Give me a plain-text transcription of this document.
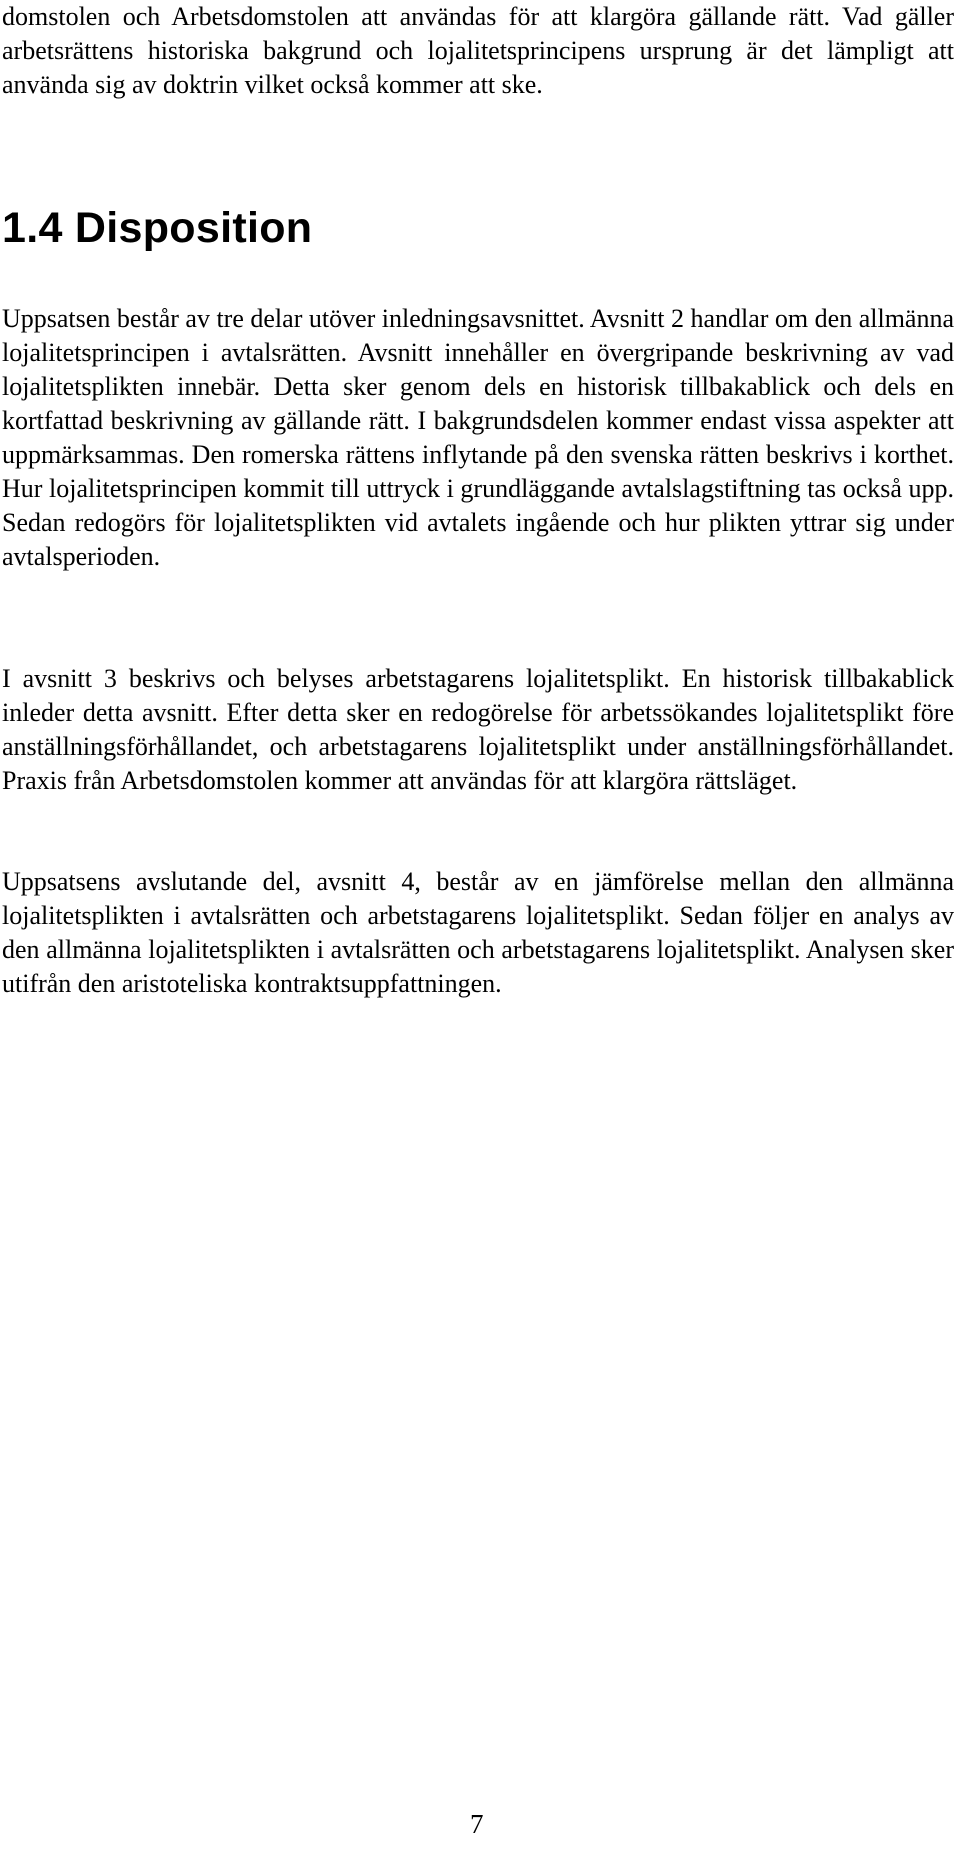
domstolen och Arbetsdomstolen att användas för att klargöra gällande rätt. Vad gäller arbetsrättens historiska bakgrund och lojalitetsprincipens ursprung är det lämpligt att använda sig av doktrin vilket också kommer att ske.

1.4 Disposition

Uppsatsen består av tre delar utöver inledningsavsnittet. Avsnitt 2 handlar om den allmänna lojalitetsprincipen i avtalsrätten. Avsnitt innehåller en övergripande beskrivning av vad lojalitetsplikten innebär. Detta sker genom dels en historisk tillbakablick och dels en kortfattad beskrivning av gällande rätt. I bakgrundsdelen kommer endast vissa aspekter att uppmärksammas. Den romerska rättens inflytande på den svenska rätten beskrivs i korthet. Hur lojalitetsprincipen kommit till uttryck i grundläggande avtalslagstiftning tas också upp. Sedan redogörs för lojalitetsplikten vid avtalets ingående och hur plikten yttrar sig under avtalsperioden.

I avsnitt 3 beskrivs och belyses arbetstagarens lojalitetsplikt. En historisk tillbakablick inleder detta avsnitt. Efter detta sker en redogörelse för arbetssökandes lojalitetsplikt före anställningsförhållandet, och arbetstagarens lojalitetsplikt under anställningsförhållandet. Praxis från Arbetsdomstolen kommer att användas för att klargöra rättsläget.

Uppsatsens avslutande del, avsnitt 4, består av en jämförelse mellan den allmänna lojalitetsplikten i avtalsrätten och arbetstagarens lojalitetsplikt. Sedan följer en analys av den allmänna lojalitetsplikten i avtalsrätten och arbetstagarens lojalitetsplikt. Analysen sker utifrån den aristoteliska kontraktsuppfattningen.

7
